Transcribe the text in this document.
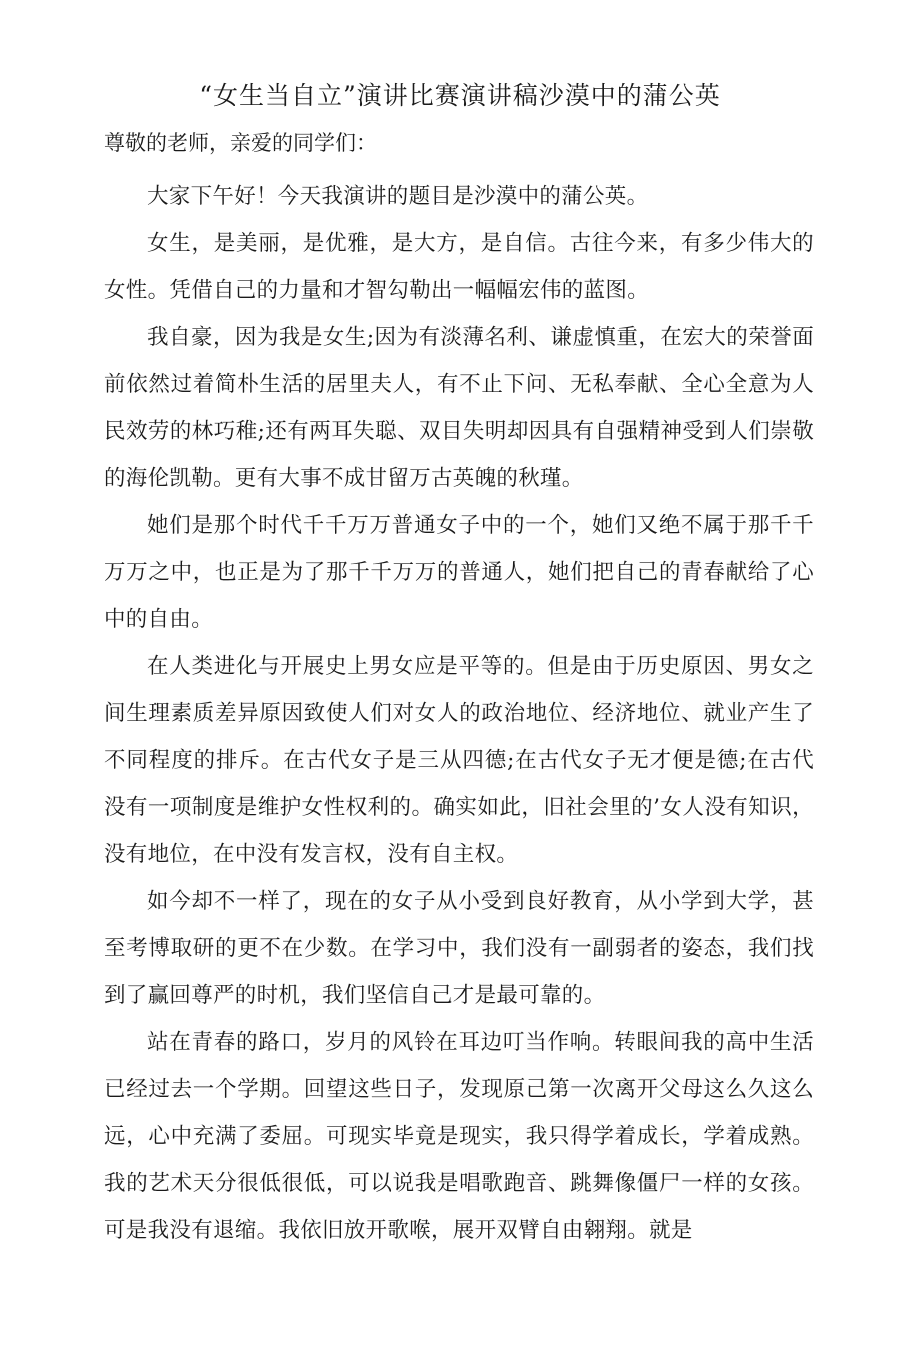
“女生当自立”演讲比赛演讲稿沙漠中的蒲公英
尊敬的老师，亲爱的同学们：

大家下午好！今天我演讲的题目是沙漠中的蒲公英。

女生，是美丽，是优雅，是大方，是自信。古往今来，有多少伟大的女性。凭借自己的力量和才智勾勒出一幅幅宏伟的蓝图。

我自豪，因为我是女生;因为有淡薄名利、谦虚慎重，在宏大的荣誉面前依然过着简朴生活的居里夫人，有不止下问、无私奉献、全心全意为人民效劳的林巧稚;还有两耳失聪、双目失明却因具有自强精神受到人们崇敬的海伦凯勒。更有大事不成甘留万古英魄的秋瑾。

她们是那个时代千千万万普通女子中的一个，她们又绝不属于那千千万万之中，也正是为了那千千万万的普通人，她们把自己的青春献给了心中的自由。

在人类进化与开展史上男女应是平等的。但是由于历史原因、男女之间生理素质差异原因致使人们对女人的政治地位、经济地位、就业产生了不同程度的排斥。在古代女子是三从四德;在古代女子无才便是德;在古代没有一项制度是维护女性权利的。确实如此，旧社会里的’女人没有知识，没有地位，在中没有发言权，没有自主权。

如今却不一样了，现在的女子从小受到良好教育，从小学到大学，甚至考博取研的更不在少数。在学习中，我们没有一副弱者的姿态，我们找到了赢回尊严的时机，我们坚信自己才是最可靠的。

站在青春的路口，岁月的风铃在耳边叮当作响。转眼间我的高中生活已经过去一个学期。回望这些日子，发现原己第一次离开父母这么久这么远，心中充满了委屈。可现实毕竟是现实，我只得学着成长，学着成熟。我的艺术天分很低很低，可以说我是唱歌跑音、跳舞像僵尸一样的女孩。可是我没有退缩。我依旧放开歌喉，展开双臂自由翱翔。就是
